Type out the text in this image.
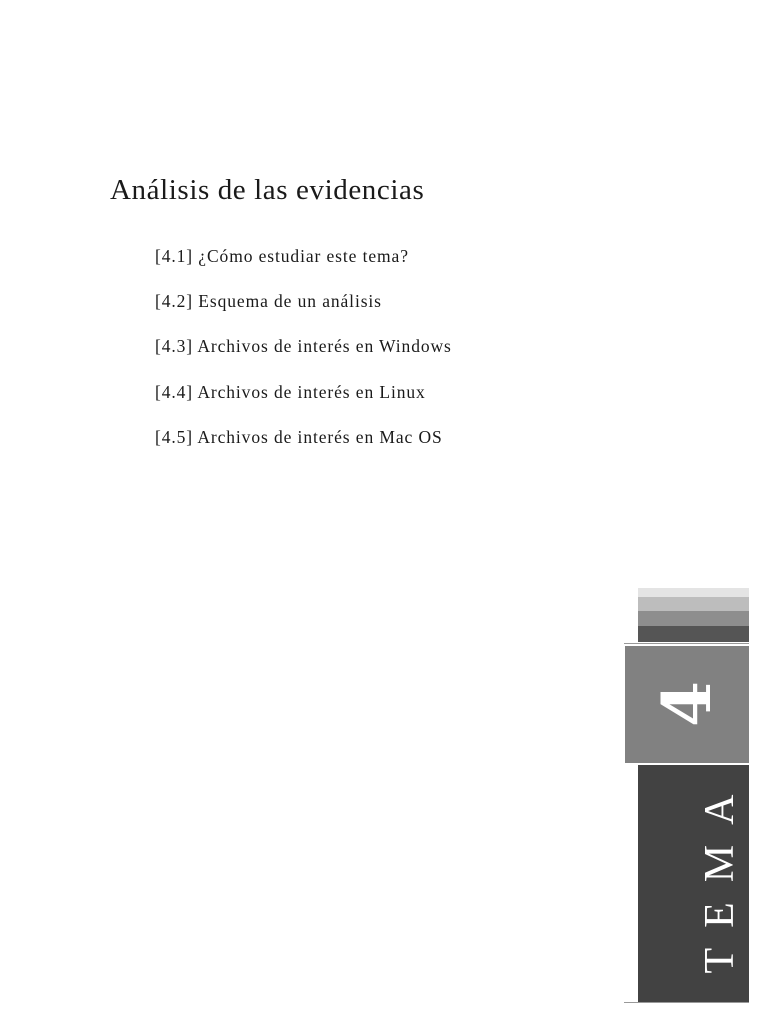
Análisis de las evidencias
[4.1] ¿Cómo estudiar este tema?
[4.2] Esquema de un análisis
[4.3] Archivos de interés en Windows
[4.4] Archivos de interés en Linux
[4.5] Archivos de interés en Mac OS
4
TEMA
